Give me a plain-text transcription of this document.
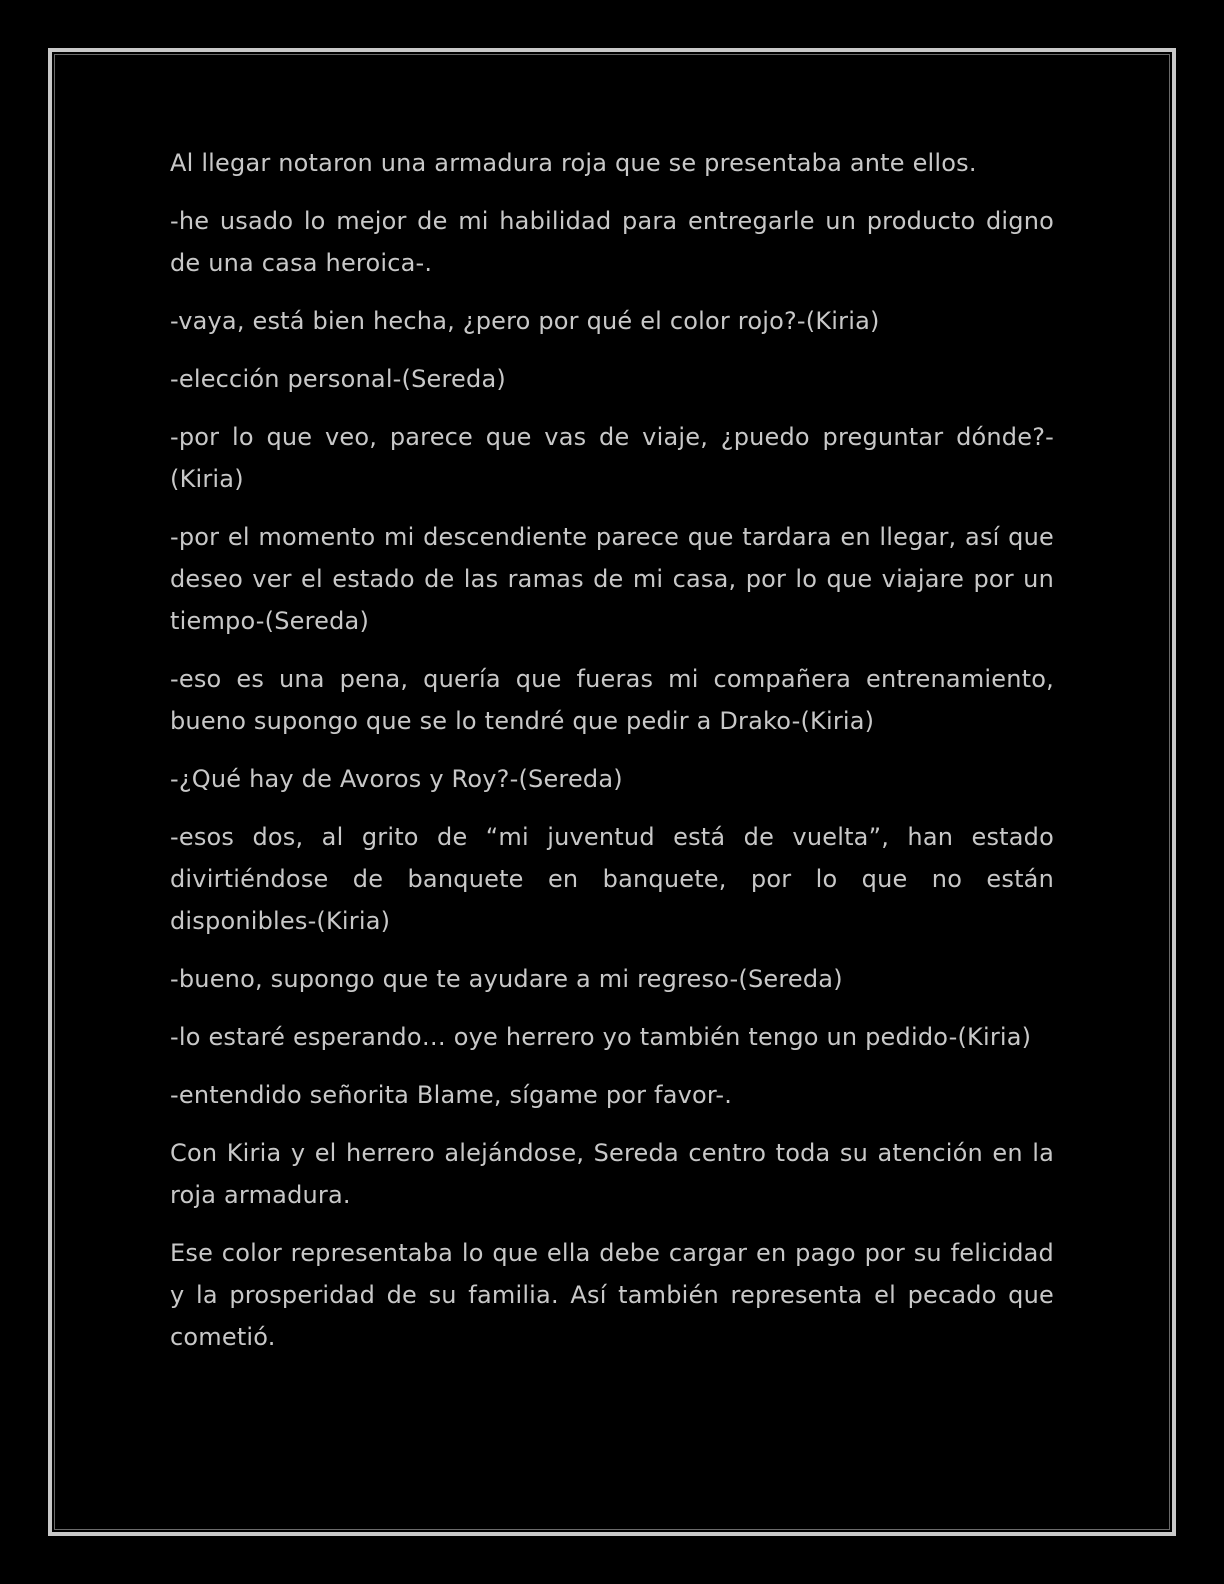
Al llegar notaron una armadura roja que se presentaba ante ellos.

-he usado lo mejor de mi habilidad para entregarle un producto digno de una casa heroica-.

-vaya, está bien hecha, ¿pero por qué el color rojo?-(Kiria)

-elección personal-(Sereda)

-por lo que veo, parece que vas de viaje, ¿puedo preguntar dónde?-(Kiria)

-por el momento mi descendiente parece que tardara en llegar, así que deseo ver el estado de las ramas de mi casa, por lo que viajare por un tiempo-(Sereda)

-eso es una pena, quería que fueras mi compañera entrenamiento, bueno supongo que se lo tendré que pedir a Drako-(Kiria)

-¿Qué hay de Avoros y Roy?-(Sereda)

-esos dos, al grito de “mi juventud está de vuelta”, han estado divirtiéndose de banquete en banquete, por lo que no están disponibles-(Kiria)

-bueno, supongo que te ayudare a mi regreso-(Sereda)

-lo estaré esperando… oye herrero yo también tengo un pedido-(Kiria)

-entendido señorita Blame, sígame por favor-.

Con Kiria y el herrero alejándose, Sereda centro toda su atención en la roja armadura.

Ese color representaba lo que ella debe cargar en pago por su felicidad y la prosperidad de su familia. Así también representa el pecado que cometió.
